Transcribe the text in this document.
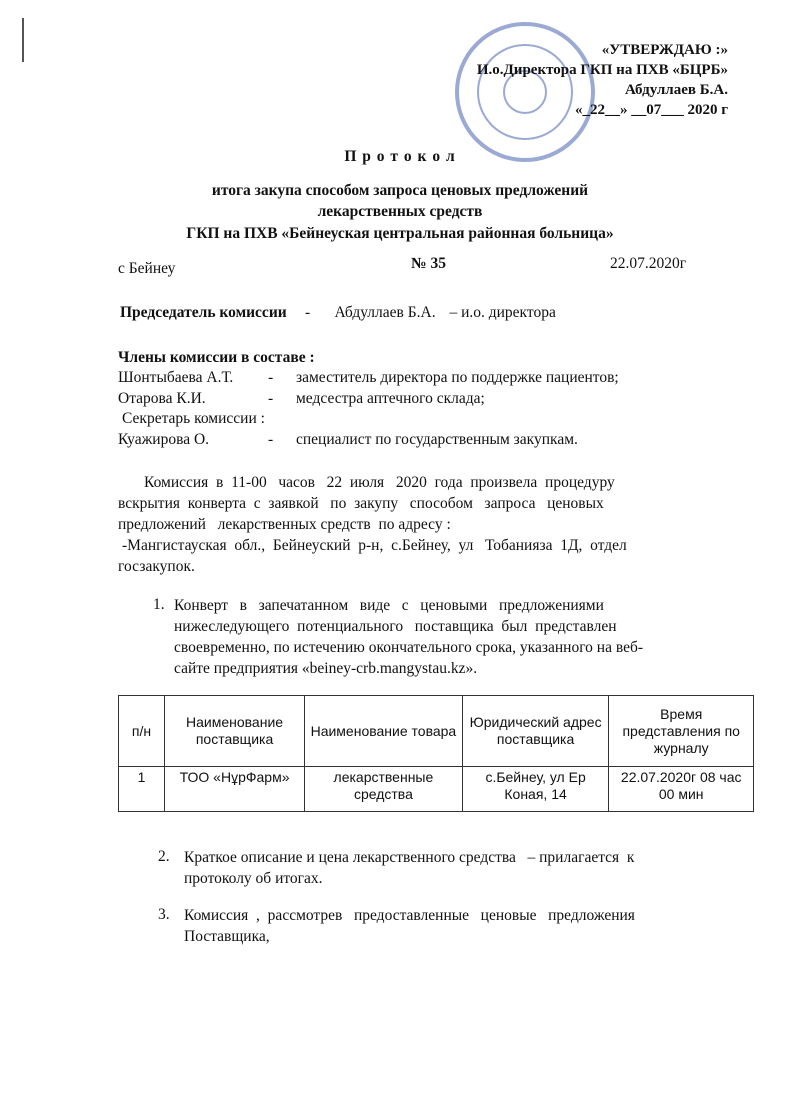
«УТВЕРЖДАЮ :»
И.о.Директора ГКП на ПХВ «БЦРБ»
Абдуллаев Б.А.
«_22__» __07___ 2020 г
П р о т о к о л
итога закупа способом запроса ценовых предложений
лекарственных средств
ГКП на ПХВ «Бейнеуская центральная районная больница»
с Бейнеу	№ 35	22.07.2020г
Председатель комиссии - Абдуллаев Б.А. – и.о. директора
Члены комиссии в составе :
Шонтыбаева А.Т. - заместитель директора по поддержке пациентов;
Отарова К.И.	- медсестра аптечного склада;
Секретарь комиссии :
Куажирова О.	- специалист по государственным закупкам.
Комиссия  в  11-00   часов   22  июля   2020  года  произвела  процедуру
вскрытия  конверта  с  заявкой   по  закупу   способом   запроса   ценовых
предложений   лекарственных средств  по адресу :
-Мангистауская  обл.,  Бейнеуский  р-н,  с.Бейнеу,  ул   Тобанияза  1Д,  отдел
госзакупок.
1. Конверт   в   запечатанном   виде   с   ценовыми   предложениями
нижеследующего  потенциального   поставщика  был  представлен
своевременно, по истечению окончательного срока, указанного на веб-
сайте предприятия «beiney-crb.mangystau.kz».
п/н	Наименование поставщика	Наименование товара	Юридический адрес поставщика	Время представления по журналу
1	ТОО «НұрФарм»	лекарственные средства	с.Бейнеу, ул Ер Коная, 14	22.07.2020г 08 час 00 мин
2. Краткое описание и цена лекарственного средства   – прилагается  к
протоколу об итогах.
3. Комиссия  ,  рассмотрев   предоставленные   ценовые   предложения
Поставщика,
